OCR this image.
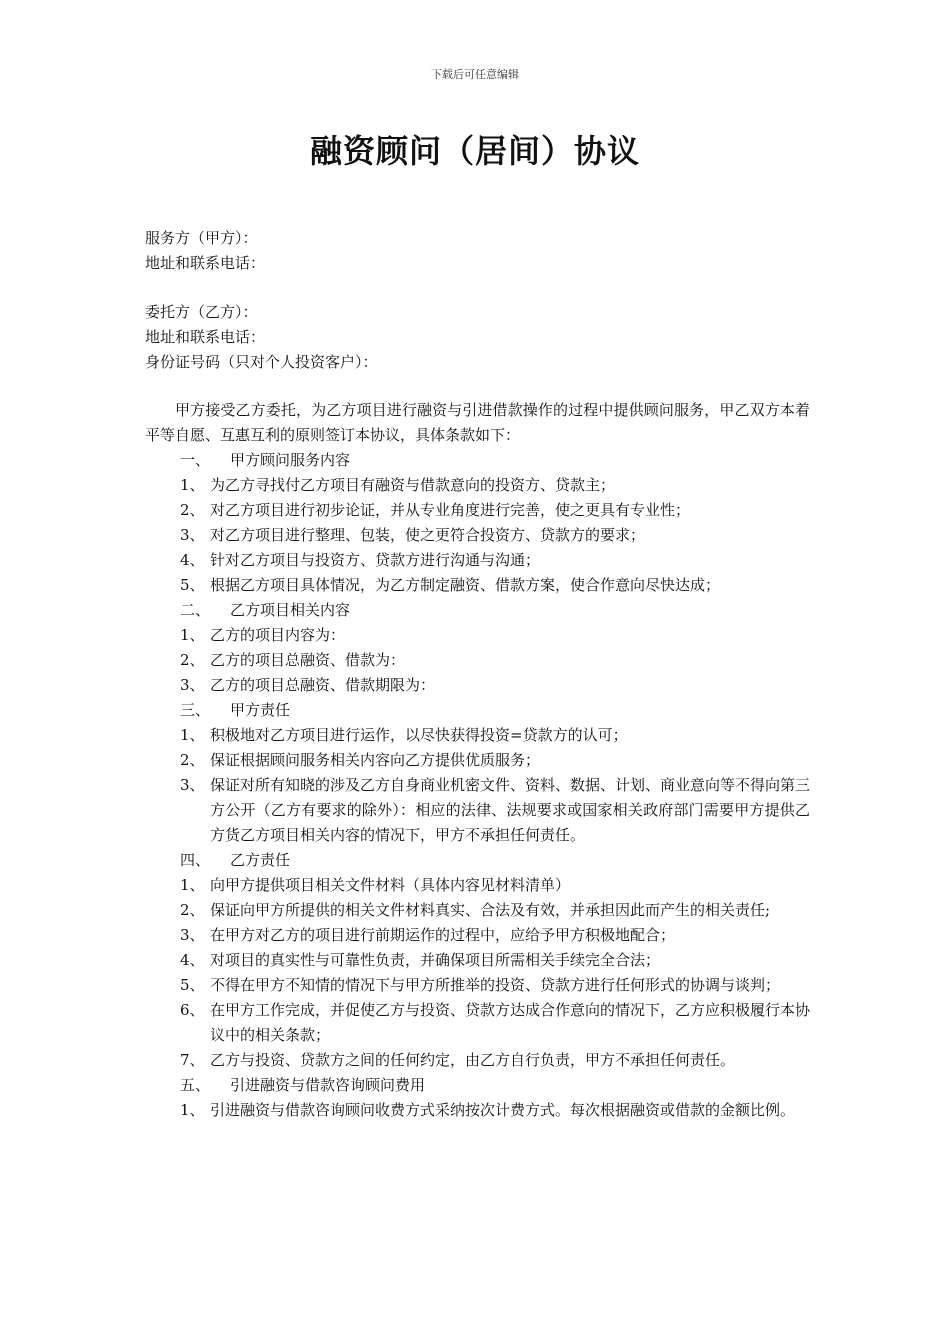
下载后可任意编辑
融资顾问（居间）协议
服务方（甲方）：
地址和联系电话：
委托方（乙方）：
地址和联系电话：
身份证号码（只对个人投资客户）：
甲方接受乙方委托，为乙方项目进行融资与引进借款操作的过程中提供顾问服务，甲乙双方本着平等自愿、互惠互利的原则签订本协议，具体条款如下：
一、 甲方顾问服务内容
1、 为乙方寻找付乙方项目有融资与借款意向的投资方、贷款主；
2、 对乙方项目进行初步论证，并从专业角度进行完善，使之更具有专业性；
3、 对乙方项目进行整理、包装，使之更符合投资方、贷款方的要求；
4、 针对乙方项目与投资方、贷款方进行沟通与沟通；
5、 根据乙方项目具体情况，为乙方制定融资、借款方案，使合作意向尽快达成；
二、 乙方项目相关内容
1、 乙方的项目内容为：
2、 乙方的项目总融资、借款为：
3、 乙方的项目总融资、借款期限为：
三、 甲方责任
1、 积极地对乙方项目进行运作，以尽快获得投资=贷款方的认可；
2、 保证根据顾问服务相关内容向乙方提供优质服务；
3、 保证对所有知晓的涉及乙方自身商业机密文件、资料、数据、计划、商业意向等不得向第三方公开（乙方有要求的除外）：相应的法律、法规要求或国家相关政府部门需要甲方提供乙方货乙方项目相关内容的情况下，甲方不承担任何责任。
四、 乙方责任
1、 向甲方提供项目相关文件材料（具体内容见材料清单）
2、 保证向甲方所提供的相关文件材料真实、合法及有效，并承担因此而产生的相关责任;
3、 在甲方对乙方的项目进行前期运作的过程中，应给予甲方积极地配合；
4、 对项目的真实性与可靠性负责，并确保项目所需相关手续完全合法；
5、 不得在甲方不知情的情况下与甲方所推举的投资、贷款方进行任何形式的协调与谈判；
6、 在甲方工作完成，并促使乙方与投资、贷款方达成合作意向的情况下，乙方应积极履行本协议中的相关条款；
7、 乙方与投资、贷款方之间的任何约定，由乙方自行负责，甲方不承担任何责任。
五、 引进融资与借款咨询顾问费用
1、 引进融资与借款咨询顾问收费方式采纳按次计费方式。每次根据融资或借款的金额比例。
